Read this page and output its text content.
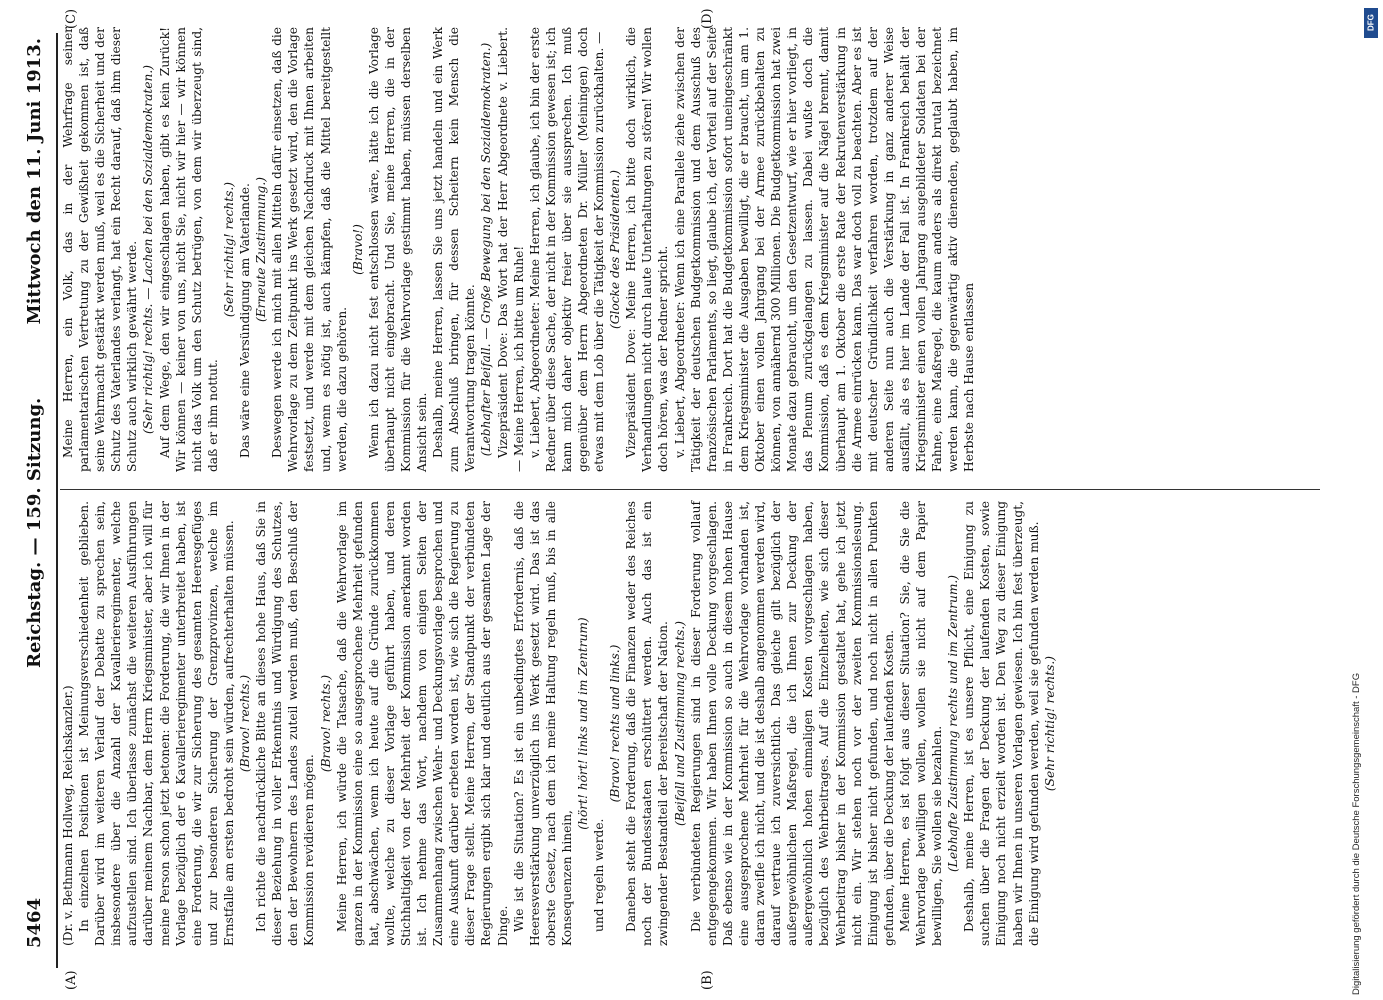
5464
Reichstag. — 159. Sitzung.
Mittwoch den 11. Juni 1913.
(A)	(B)
(C)	(D)

(Dr. v. Bethmann Hollweg, Reichskanzler.) In einzelnen Positionen ist Meinungsverschiedenheit geblieben. Darüber wird im weiteren Verlauf der Debatte zu sprechen sein, insbesondere über die Anzahl der Kavallerieregimenter, welche aufzustellen sind. Ich überlasse zunächst die weiteren Ausführungen darüber meinem Nachbar, dem Herrn Kriegsminister, aber ich will für meine Person schon jetzt betonen: die Forderung, die wir Ihnen in der Vorlage bezüglich der 6 Kavallerieregimenter unterbreitet haben, ist eine Forderung, die wir zur Sicherung des gesamten Heeresgefüges und zur besonderen Sicherung der Grenzprovinzen, welche im Ernstfalle am ersten bedroht sein würden, aufrechterhalten müssen. (Bravo! rechts.) Ich richte die nachdrückliche Bitte an dieses hohe Haus, daß Sie in dieser Beziehung in voller Erkenntnis und Würdigung des Schutzes, den der Bewohnern des Landes zuteil werden muß, den Beschluß der Kommission revidieren mögen.

(Bravo! rechts.) Meine Herren, ich würde die Tatsache, daß die Wehrvorlage im ganzen in der Kommission eine so ausgesprochene Mehrheit gefunden hat, abschwächen, wenn ich heute auf die Gründe zurückkommen wollte, welche zu dieser Vorlage geführt haben, und deren Stichhaltigkeit von der Mehrheit der Kommission anerkannt worden ist. Ich nehme das Wort, nachdem von einigen Seiten der Zusammenhang zwischen Wehr- und Deckungsvorlage besprochen und eine Auskunft darüber erbeten worden ist, wie sich die Regierung zu dieser Frage stellt. Meine Herren, der Standpunkt der verbündeten Regierungen ergibt sich klar und deutlich aus der gesamten Lage der Dinge. Wie ist die Situation? Es ist ein unbedingtes Erfordernis, daß die Heeresverstärkung unverzüglich ins Werk gesetzt wird. Das ist das oberste Gesetz, nach dem ich meine Haltung regeln muß, bis in alle Konsequenzen hinein,

(hört! hört! links und im Zentrum)

und regeln werde.

(Bravo! rechts und links.) Daneben steht die Forderung, daß die Finanzen weder des Reiches noch der Bundesstaaten erschüttert werden. Auch das ist ein zwingender Bestandteil der Bereitschaft der Nation. (Beifall und Zustimmung rechts.) Die verbündeten Regierungen sind in dieser Forderung vollauf entgegengekommen. Wir haben Ihnen volle Deckung vorgeschlagen. Daß ebenso wie in der Kommission so auch in diesem hohen Hause eine ausgesprochene Mehrheit für die Wehrvorlage vorhanden ist, daran zweifle ich nicht, und die ist deshalb angenommen werden wird, darauf vertraue ich zuversichtlich. Das gleiche gilt bezüglich der außergewöhnlichen Maßregel, die ich Ihnen zur Deckung der außergewöhnlich hohen einmaligen Kosten vorgeschlagen haben, bezüglich des Wehrbeitrages. Auf die Einzelheiten, wie sich dieser Wehrbeitrag bisher in der Kommission gestaltet hat, gehe ich jetzt nicht ein. Wir stehen noch vor der zweiten Kommissionslesung. Einigung ist bisher nicht gefunden, und noch nicht in allen Punkten gefunden, über die Deckung der laufenden Kosten. Meine Herren, es ist folgt aus dieser Situation? Sie, die Sie die Wehrvorlage bewilligen wollen, wollen sie nicht auf dem Papier bewilligen, Sie wollen sie bezahlen. (Lebhafte Zustimmung rechts und im Zentrum.) Deshalb, meine Herren, ist es unsere Pflicht, eine Einigung zu suchen über die Fragen der Deckung der laufenden Kosten, sowie Einigung noch nicht erzielt worden ist. Den Weg zu dieser Einigung haben wir Ihnen in unseren Vorlagen gewiesen. Ich bin fest überzeugt, die Einigung wird gefunden werden, weil sie gefunden werden muß. (Sehr richtig! rechts.)

Meine Herren, ein Volk, das in der Wehrfrage seiner parlamentarischen Vertretung zu der Gewißheit gekommen ist, daß seine Wehrmacht gestärkt werden muß, weil es die Sicherheit und der Schutz des Vaterlandes verlangt, hat ein Recht darauf, daß ihm dieser Schutz auch wirklich gewährt werde. (Sehr richtig! rechts. — Lachen bei den Sozialdemokraten.) Auf dem Wege, den wir eingeschlagen haben, gibt es kein Zurück! Wir können — keiner von uns, nicht Sie, nicht wir hier — wir können nicht das Volk um den Schutz betrügen, von dem wir überzeugt sind, daß er ihm nottut.

(Sehr richtig! rechts.) Das wäre eine Versündigung am Vaterlande. (Erneute Zustimmung.) Deswegen werde ich mich mit allen Mitteln dafür einsetzen, daß die Wehrvorlage zu dem Zeitpunkt ins Werk gesetzt wird, den die Vorlage festsetzt, und werde mit dem gleichen Nachdruck mit Ihnen arbeiten und, wenn es nötig ist, auch kämpfen, daß die Mittel bereitgestellt werden, die dazu gehören.

(Bravo!) Wenn ich dazu nicht fest entschlossen wäre, hätte ich die Vorlage überhaupt nicht eingebracht. Und Sie, meine Herren, die in der Kommission für die Wehrvorlage gestimmt haben, müssen derselben Ansicht sein. Deshalb, meine Herren, lassen Sie uns jetzt handeln und ein Werk zum Abschluß bringen, für dessen Scheitern kein Mensch die Verantwortung tragen könnte. (Lebhafter Beifall. — Große Bewegung bei den Sozialdemokraten.) Vizepräsident Dove: Das Wort hat der Herr Abgeordnete v. Liebert. — Meine Herren, ich bitte um Ruhe! v. Liebert, Abgeordneter: Meine Herren, ich glaube, ich bin der erste Redner über diese Sache, der nicht in der Kommission gewesen ist; ich kann mich daher objektiv freier über sie aussprechen. Ich muß gegenüber dem Herrn Abgeordneten Dr. Müller (Meiningen) doch etwas mit dem Lob über die Tätigkeit der Kommission zurückhalten. — (Glocke des Präsidenten.) Vizepräsident Dove: Meine Herren, ich bitte doch wirklich, die Verhandlungen nicht durch laute Unterhaltungen zu stören! Wir wollen doch hören, was der Redner spricht. v. Liebert, Abgeordneter: Wenn ich eine Parallele ziehe zwischen der Tätigkeit der deutschen Budgetkommission und dem Ausschuß des französischen Parlaments, so liegt, glaube ich, der Vorteil auf der Seite in Frankreich. Dort hat die Budgetkommission sofort uneingeschränkt dem Kriegsminister die Ausgaben bewilligt, die er braucht, um am 1. Oktober einen vollen Jahrgang bei der Armee zurückbehalten zu können, von annähernd 300 Millionen. Die Budgetkommission hat zwei Monate dazu gebraucht, um den Gesetzentwurf, wie er hier vorliegt, in das Plenum zurückgelangen zu lassen. Dabei wußte doch die Kommission, daß es dem Kriegsminister auf die Nägel brennt, damit überhaupt am 1. Oktober die erste Rate der Rekrutenverstärkung in die Armee einrücken kann. Das war doch voll zu beachten. Aber es ist mit deutscher Gründlichkeit verfahren worden, trotzdem auf der anderen Seite nun auch die Verstärkung in ganz anderer Weise ausfällt, als es hier im Lande der Fall ist. In Frankreich behält der Kriegsminister einen vollen Jahrgang ausgebildeter Soldaten bei der Fahne, eine Maßregel, die kaum anders als direkt brutal bezeichnet werden kann, die gegenwärtig aktiv dienenden, geglaubt haben, im Herbste nach Hause entlassen

Digitalisierung gefördert durch die Deutsche Forschungsgemeinschaft - DFG
DFG
